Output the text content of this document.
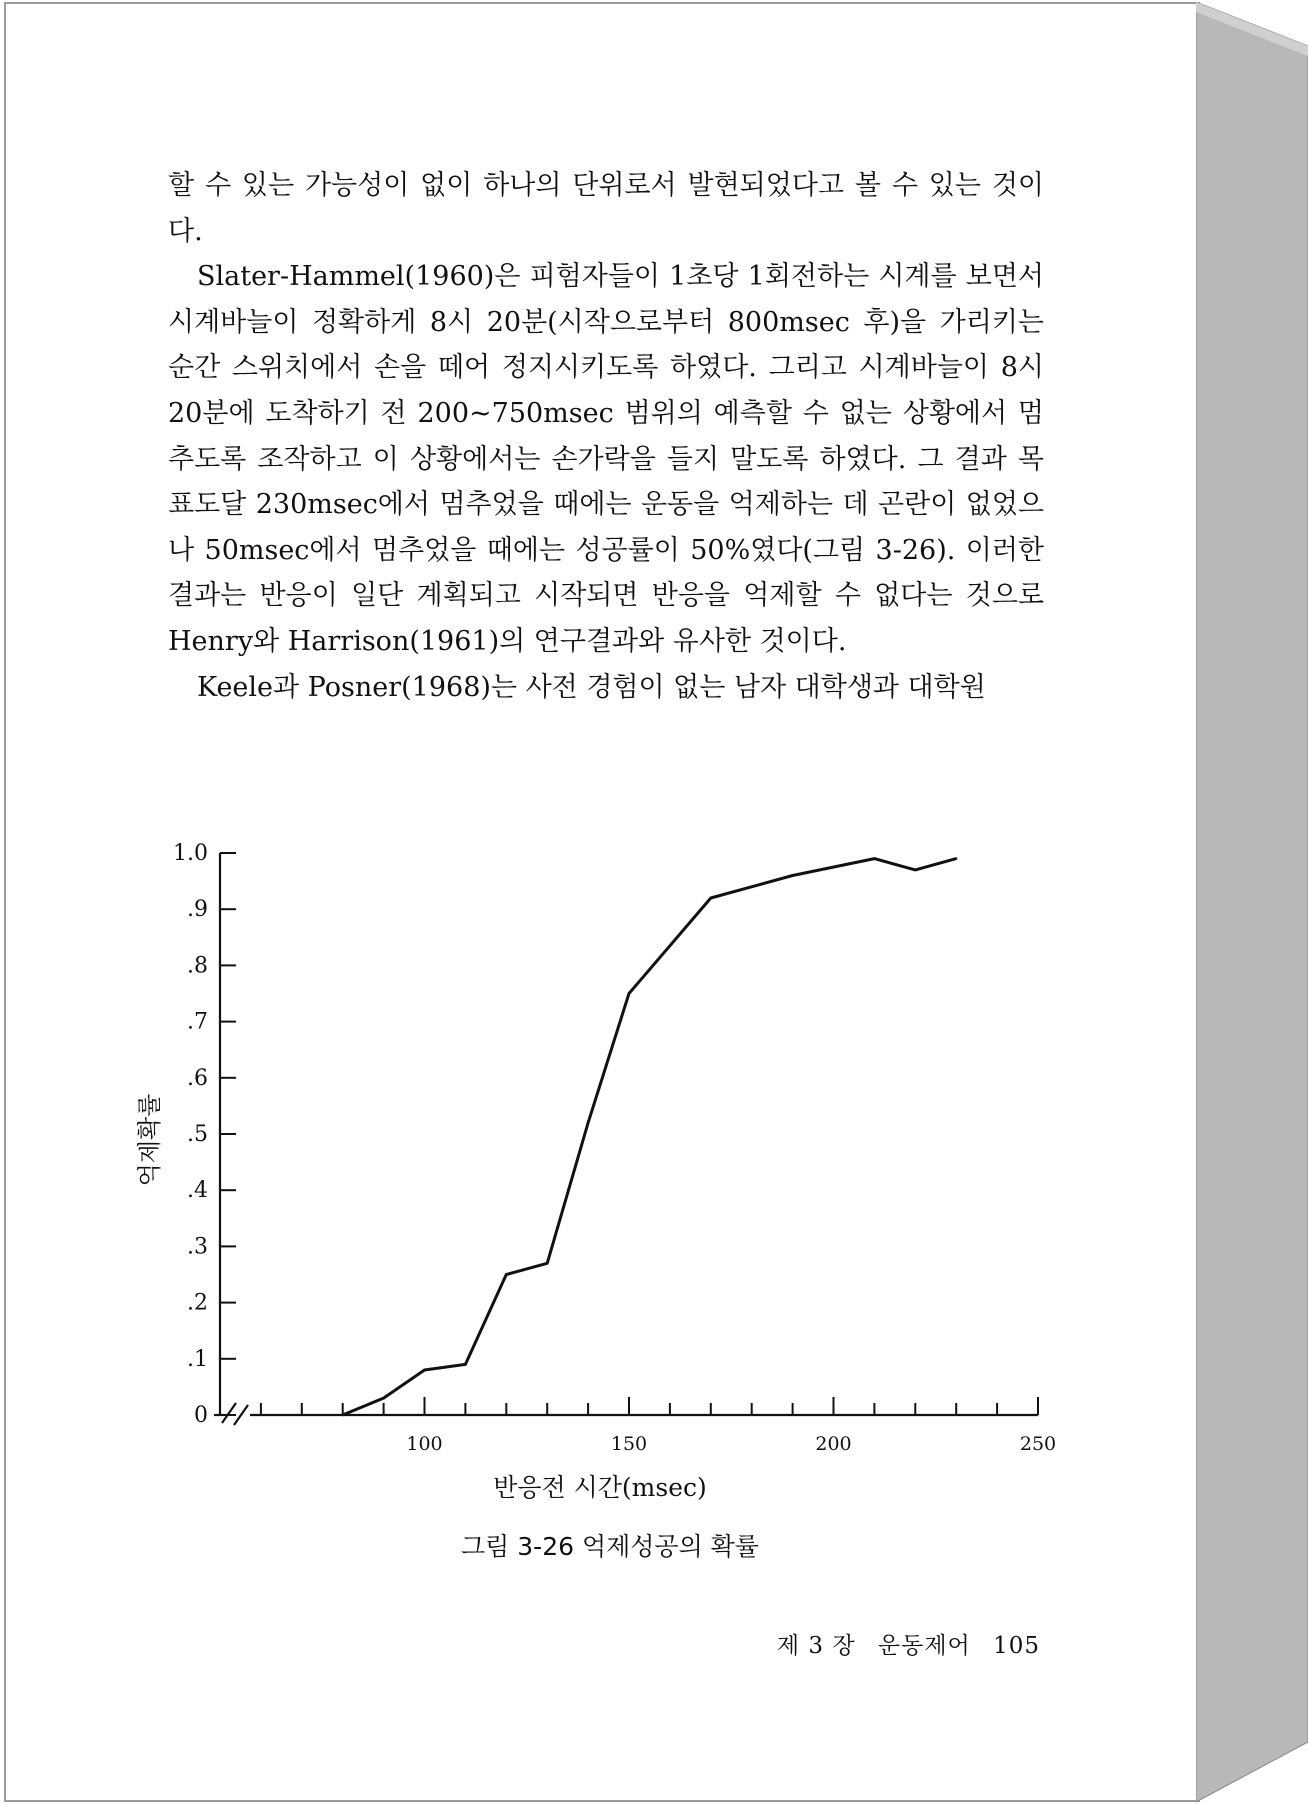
할 수 있는 가능성이 없이 하나의 단위로서 발현되었다고 볼 수 있는 것이다.

Slater-Hammel(1960)은 피험자들이 1초당 1회전하는 시계를 보면서 시계바늘이 정확하게 8시 20분(시작으로부터 800msec 후)을 가리키는 순간 스위치에서 손을 떼어 정지시키도록 하였다. 그리고 시계바늘이 8시20분에 도착하기 전 200~750msec 범위의 예측할 수 없는 상황에서 멈추도록 조작하고 이 상황에서는 손가락을 들지 말도록 하였다. 그 결과 목표도달 230msec에서 멈추었을 때에는 운동을 억제하는 데 곤란이 없었으나 50msec에서 멈추었을 때에는 성공률이 50%였다(그림 3-26). 이러한 결과는 반응이 일단 계획되고 시작되면 반응을 억제할 수 없다는 것으로 Henry와 Harrison(1961)의 연구결과와 유사한 것이다.

Keele과 Posner(1968)는 사전 경험이 없는 남자 대학생과 대학원

0
.1
.2
.3
.4
.5
.6
.7
.8
.9
1.0
100	150	200	250
억제확률
반응전 시간(msec)
그림 3-26 억제성공의 확률
제 3 장 운동제어 105
